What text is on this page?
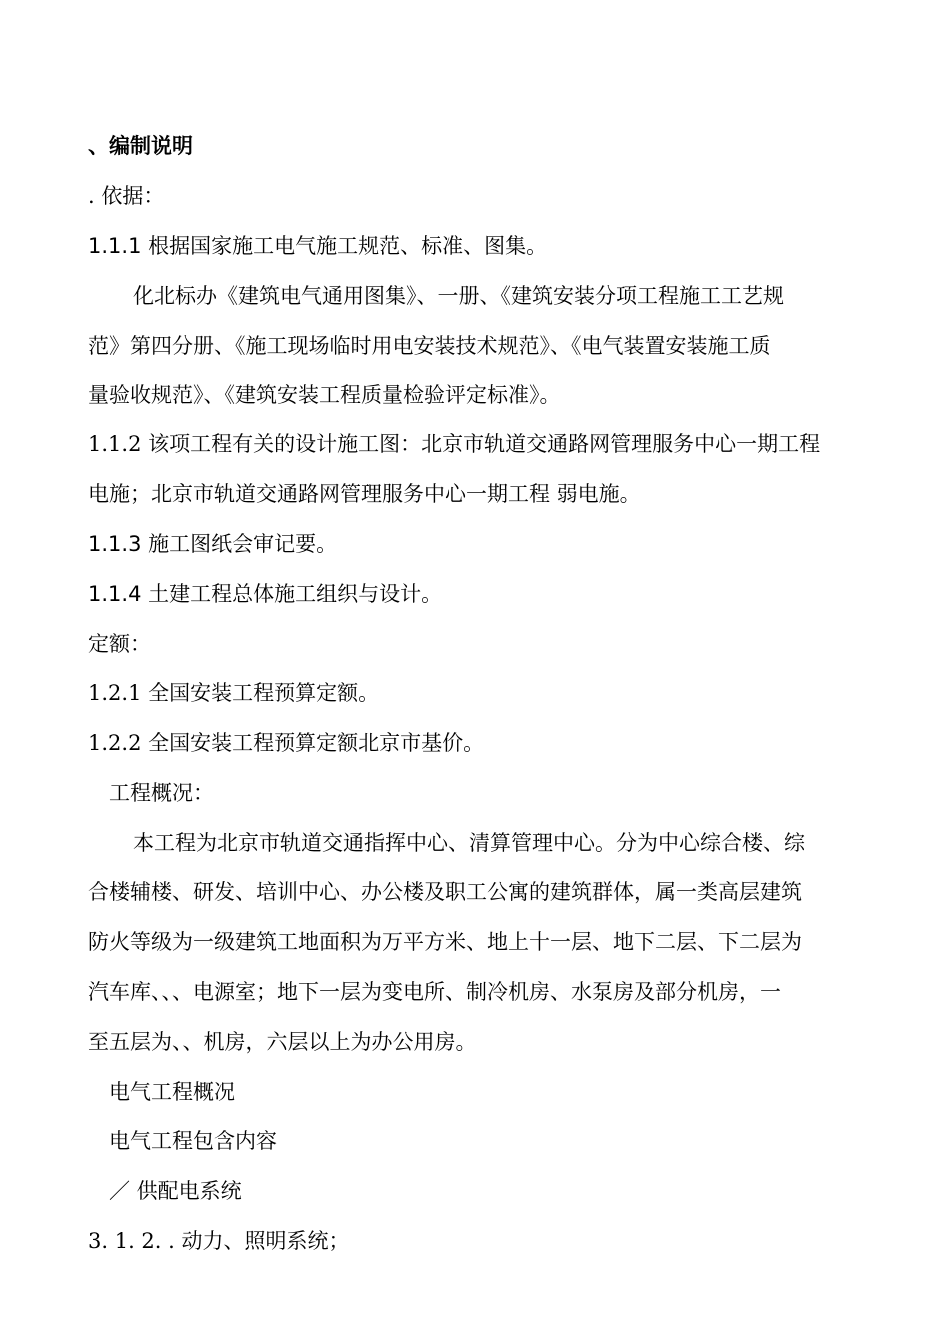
、编制说明

. 依据：

1.1.1 根据国家施工电气施工规范、标准、图集。

化北标办《建筑电气通用图集》、一册、《建筑安装分项工程施工工艺规

范》第四分册、《施工现场临时用电安装技术规范》、《电气装置安装施工质

量验收规范》、《建筑安装工程质量检验评定标准》。

1.1.2 该项工程有关的设计施工图：北京市轨道交通路网管理服务中心一期工程

电施；北京市轨道交通路网管理服务中心一期工程 弱电施。

1.1.3 施工图纸会审记要。

1.1.4 土建工程总体施工组织与设计。

定额：

1.2.1 全国安装工程预算定额。

1.2.2 全国安装工程预算定额北京市基价。

工程概况：

本工程为北京市轨道交通指挥中心、清算管理中心。分为中心综合楼、综

合楼辅楼、研发、培训中心、办公楼及职工公寓的建筑群体，属一类高层建筑

防火等级为一级建筑工地面积为万平方米、地上十一层、地下二层、下二层为

汽车库、、、电源室；地下一层为变电所、制冷机房、水泵房及部分机房，一

至五层为、、机房，六层以上为办公用房。

电气工程概况

电气工程包含内容

／ 供配电系统

3. 1. 2. . 动力、照明系统；
